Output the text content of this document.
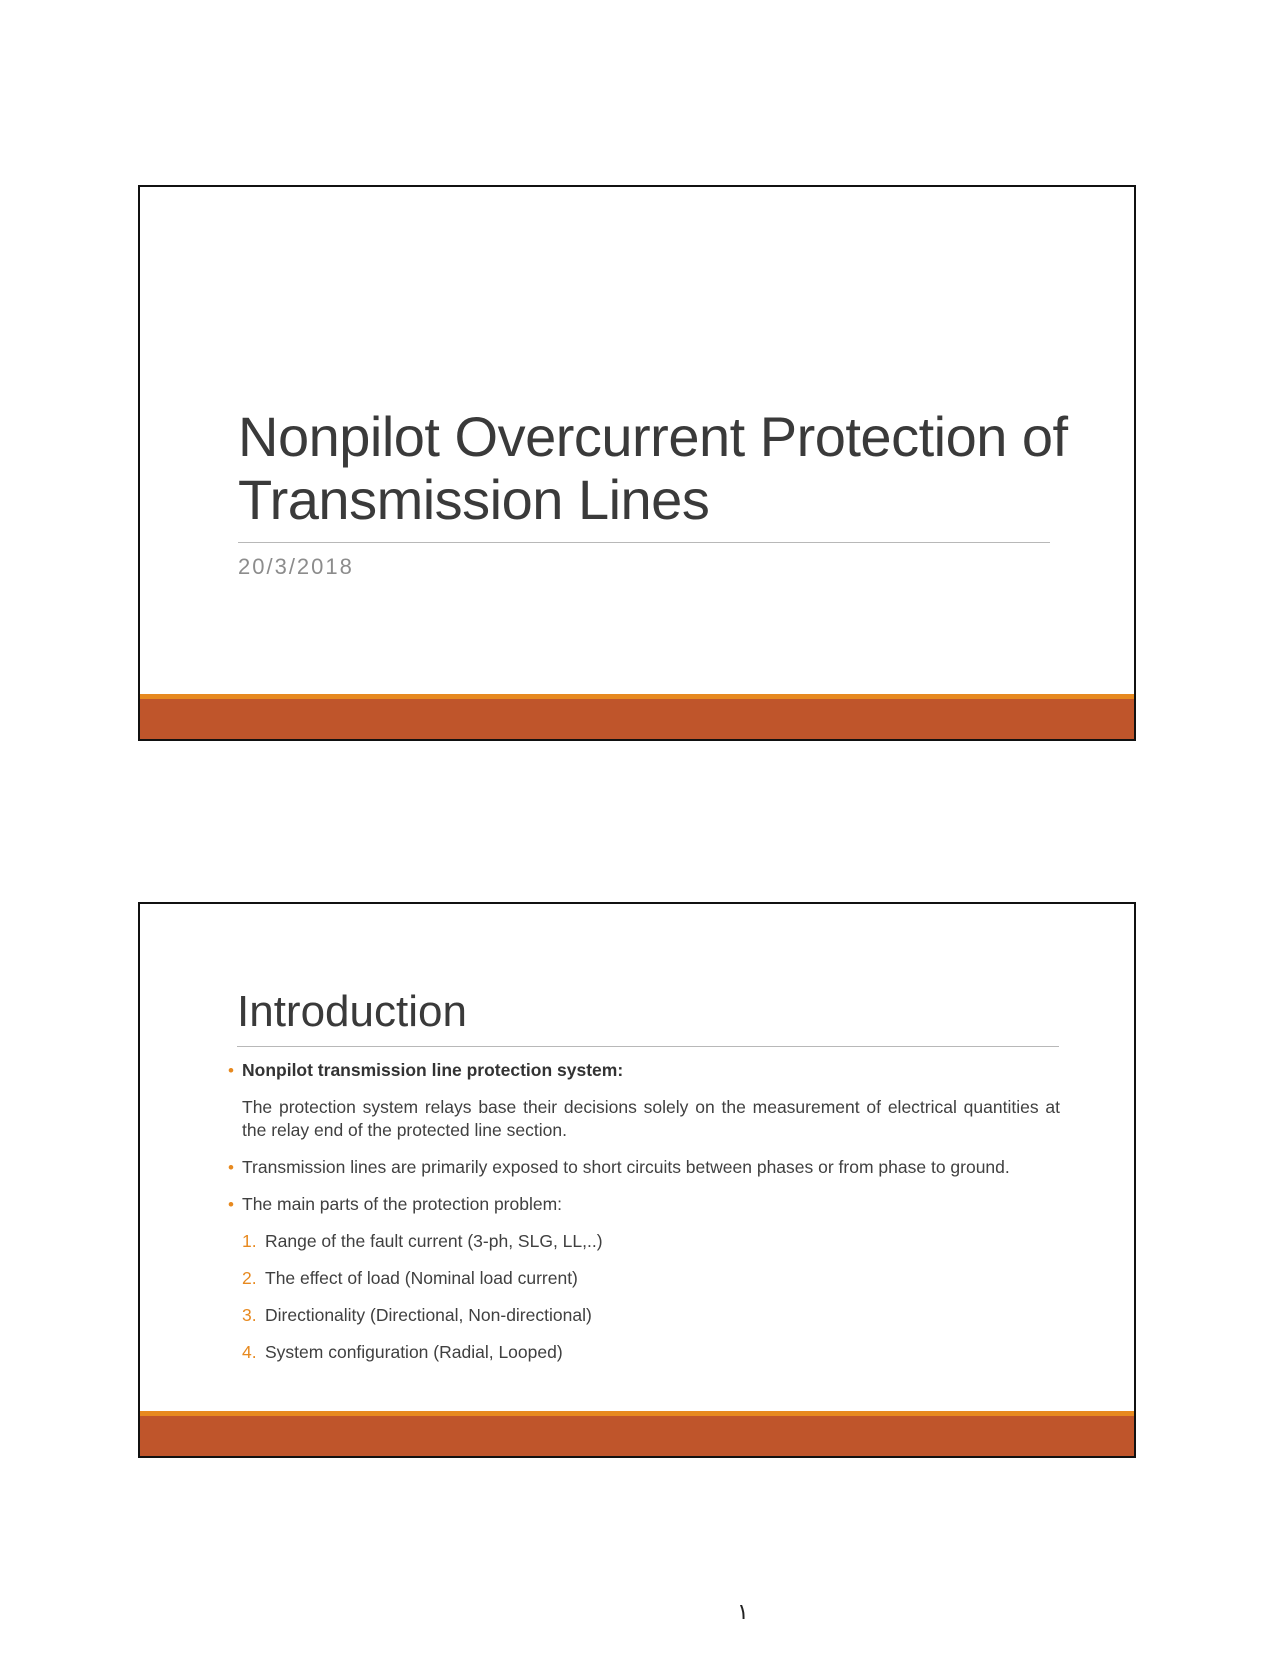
Nonpilot Overcurrent Protection of Transmission Lines
20/3/2018
Introduction
• Nonpilot transmission line protection system:
The protection system relays base their decisions solely on the measurement of electrical quantities at the relay end of the protected line section.
• Transmission lines are primarily exposed to short circuits between phases or from phase to ground.
• The main parts of the protection problem:
1. Range of the fault current (3-ph, SLG, LL,..)
2. The effect of load (Nominal load current)
3. Directionality (Directional, Non-directional)
4. System configuration (Radial, Looped)
١
